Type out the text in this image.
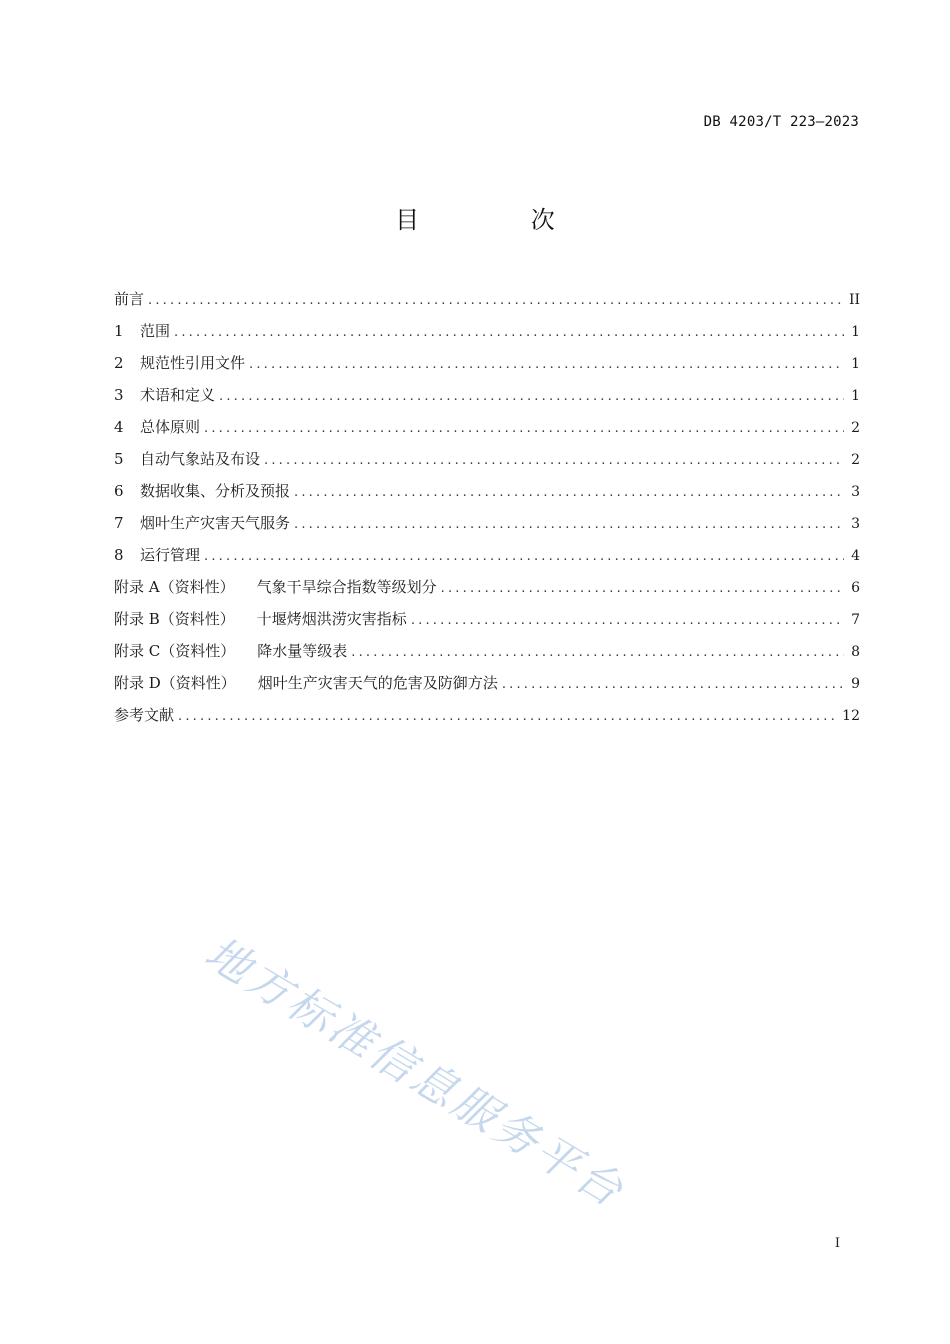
DB 4203/T 223—2023
目 次
前言 .....	II
1	范围 .....	1
2	规范性引用文件 .....	1
3	术语和定义 .....	1
4	总体原则 .....	2
5	自动气象站及布设 .....	2
6	数据收集、分析及预报 .....	3
7	烟叶生产灾害天气服务 .....	3
8	运行管理 .....	4
附录 A（资料性） 气象干旱综合指数等级划分 .....	6
附录 B（资料性） 十堰烤烟洪涝灾害指标 .....	7
附录 C（资料性） 降水量等级表 .....	8
附录 D（资料性） 烟叶生产灾害天气的危害及防御方法 .....	9
参考文献 .....	12
地方标准信息服务平台
I
